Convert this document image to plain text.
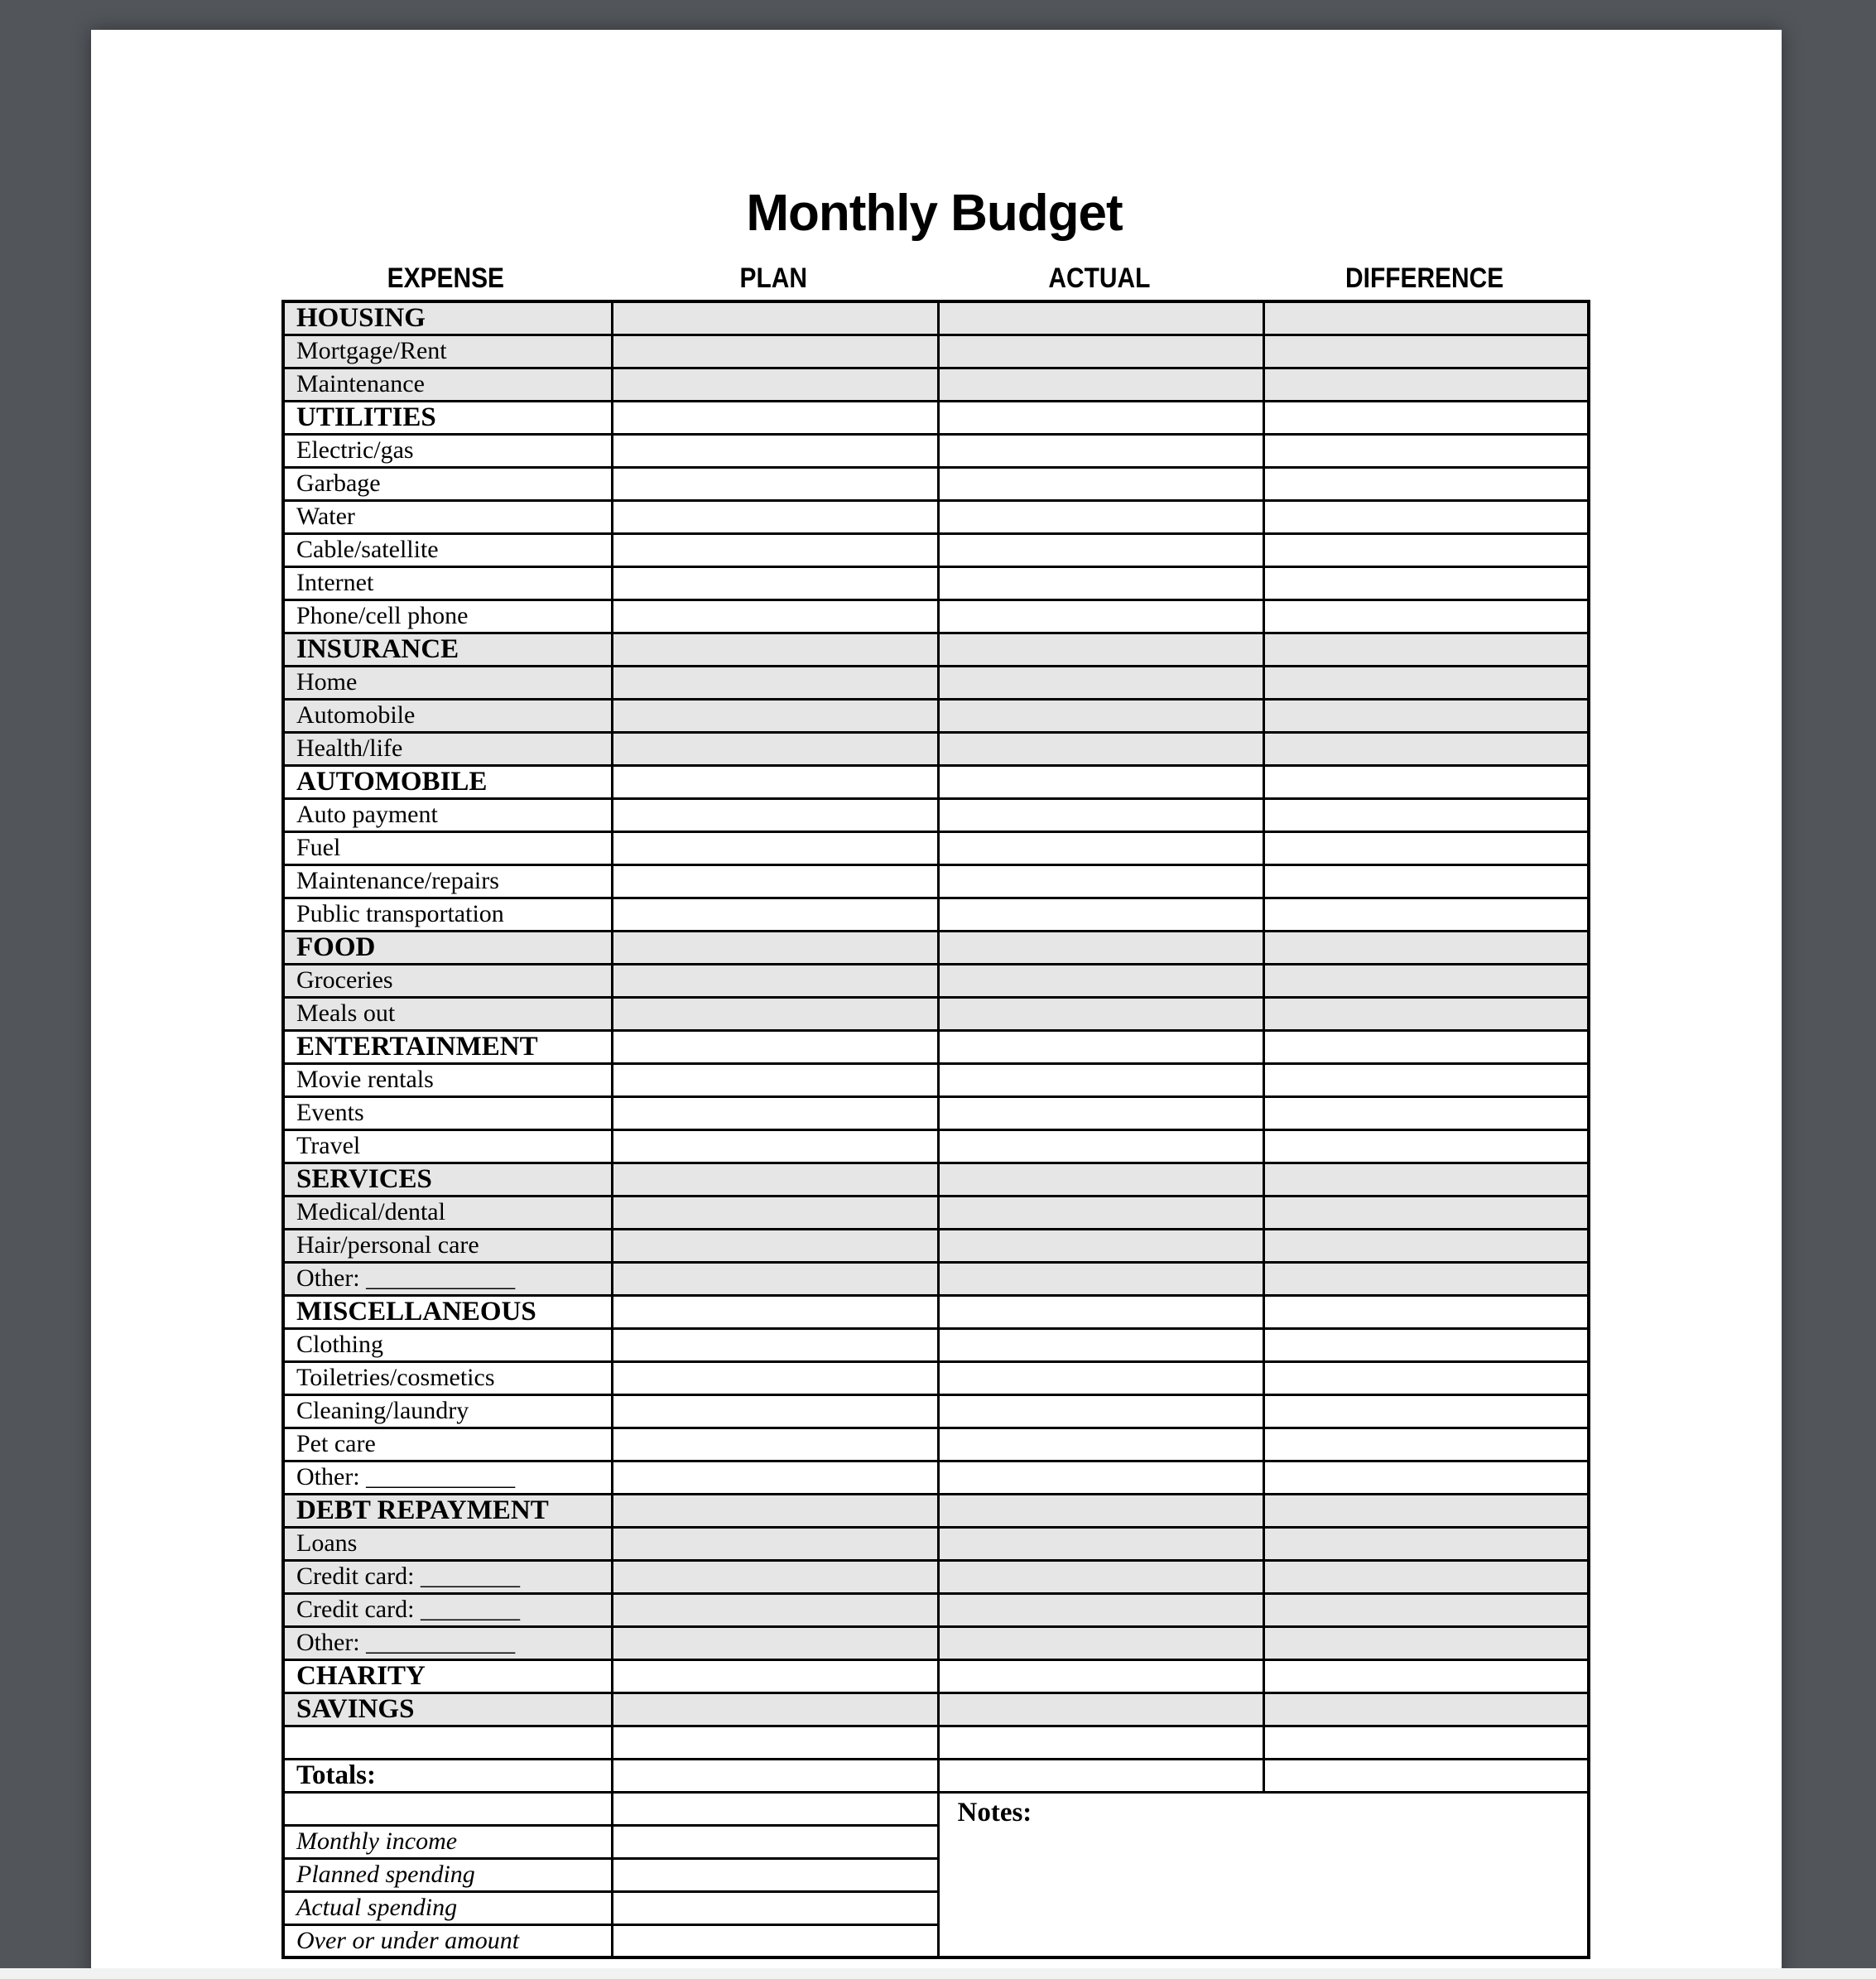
Monthly Budget
EXPENSE	PLAN	ACTUAL	DIFFERENCE
HOUSING			
Mortgage/Rent			
Maintenance			
UTILITIES			
Electric/gas			
Garbage			
Water			
Cable/satellite			
Internet			
Phone/cell phone			
INSURANCE			
Home			
Automobile			
Health/life			
AUTOMOBILE			
Auto payment			
Fuel			
Maintenance/repairs			
Public transportation			
FOOD			
Groceries			
Meals out			
ENTERTAINMENT			
Movie rentals			
Events			
Travel			
SERVICES			
Medical/dental			
Hair/personal care			
Other: ____________			
MISCELLANEOUS			
Clothing			
Toiletries/cosmetics			
Cleaning/laundry			
Pet care			
Other: ____________			
DEBT REPAYMENT			
Loans			
Credit card: ________			
Credit card: ________			
Other: ____________			
CHARITY			
SAVINGS			

Totals:			
		Notes:	
Monthly income			
Planned spending			
Actual spending			
Over or under amount			
